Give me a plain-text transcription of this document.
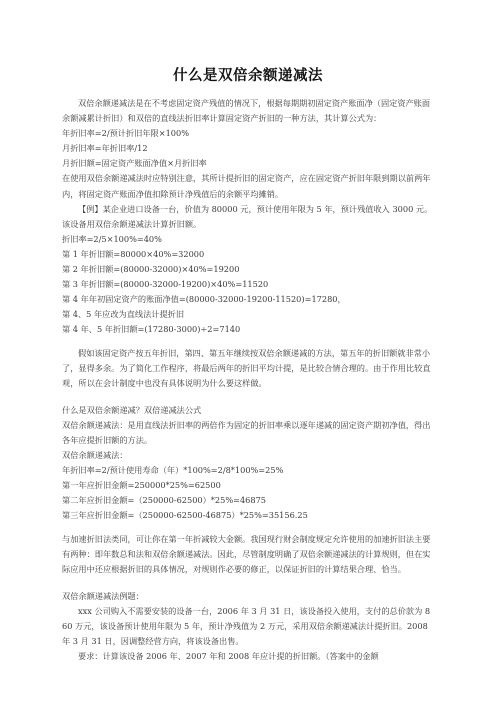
什么是双倍余额递减法
双倍余额递减法是在不考虑固定资产残值的情况下，根据每期期初固定资产账面净（固定资产账面余额减累计折旧）和双倍的直线法折旧率计算固定资产折旧的一种方法，其计算公式为：
年折旧率=2/预计折旧年限×100%
月折旧率=年折旧率/12
月折旧额=固定资产账面净值×月折旧率
在使用双倍余额递减法时应特别注意，其所计提折旧的固定资产，应在固定资产折旧年限到期以前两年内，将固定资产账面净值扣除预计净残值后的余额平均摊销。
【例】某企业进口设备一台，价值为 80000 元，预计使用年限为 5 年，预计残值收入 3000 元。该设备用双倍余额递减法计算折旧额。
折旧率=2/5×100%=40%
第 1 年折旧额=80000×40%=32000
第 2 年折旧额=(80000-32000)×40%=19200
第 3 年折旧额=(80000-32000-19200)×40%=11520
第 4 年年初固定资产的账面净值=(80000-32000-19200-11520)=17280，
第 4、5 年应改为直线法计提折旧
第 4 年、5 年折旧额=(17280-3000)÷2=7140
假如该固定资产按五年折旧，第四、第五年继续按双倍余额递减的方法，第五年的折旧额就非常小了，显得多余。为了简化工作程序，将最后两年的折旧平均计提，是比较合情合理的。由于作用比较直观，所以在会计制度中也没有具体说明为什么要这样做。
什么是双倍余额递减？双倍递减法公式
双倍余额递减法：是用直线法折旧率的两倍作为固定的折旧率乘以逐年递减的固定资产期初净值，得出各年应提折旧额的方法。
双倍余额递减法：
年折旧率=2/预计使用寿命（年）*100%=2/8*100%=25%
第一年应折旧金额=250000*25%=62500
第二年应折旧金额=（250000-62500）*25%=46875
第三年应折旧金额=（250000-62500-46875）*25%=35156.25
与加速折旧法类同，可让你在第一年折减较大金额。我国现行财会制度规定允许使用的加速折旧法主要有两种：即年数总和法和双倍余额递减法。因此，尽管制度明确了双倍余额递减法的计算规则，但在实际应用中还应根据折旧的具体情况，对规则作必要的修正，以保证折旧的计算结果合理、恰当。
双倍余额递减法例题：
xxx 公司购入不需要安装的设备一台，2006 年 3 月 31 日，该设备投入使用，支付的总价款为 860 万元，该设备预计使用年限为 5 年，预计净残值为 2 万元，采用双倍余额递减法计提折旧。2008 年 3 月 31 日，因调整经营方向，将该设备出售。
要求：计算该设备 2006 年、2007 年和 2008 年应计提的折旧额。（答案中的金额
